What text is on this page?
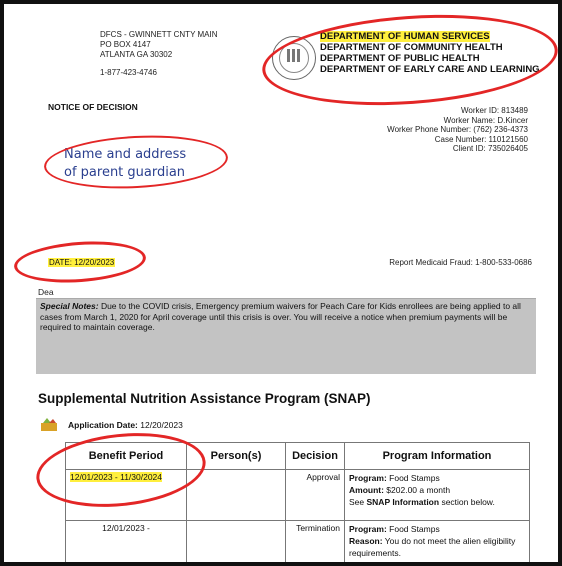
DFCS - GWINNETT CNTY MAIN
PO BOX 4147
ATLANTA GA 30302
1-877-423-4746
DEPARTMENT OF HUMAN SERVICES
DEPARTMENT OF COMMUNITY HEALTH
DEPARTMENT OF PUBLIC HEALTH
DEPARTMENT OF EARLY CARE AND LEARNING
NOTICE OF DECISION	Worker ID: 813489
Worker Name: D.Kincer
Worker Phone Number: (762) 236-4373
Case Number: 110121560
Client ID: 735026405
Name and address
of parent guardian
DATE: 12/20/2023	Report Medicaid Fraud: 1-800-533-0686
Dea
Special Notes: Due to the COVID crisis, Emergency premium waivers for Peach Care for Kids enrollees are being applied to all cases from March 1, 2020 for April coverage until this crisis is over. You will receive a notice when premium payments will be required to maintain coverage.
Supplemental Nutrition Assistance Program (SNAP)
Application Date: 12/20/2023
Benefit Period	Person(s)	Decision	Program Information
12/01/2023 - 11/30/2024		Approval	Program: Food Stamps
Amount: $202.00 a month
See SNAP Information section below.

12/01/2023 -		Termination	Program: Food Stamps
Reason: You do not meet the alien eligibility requirements.
